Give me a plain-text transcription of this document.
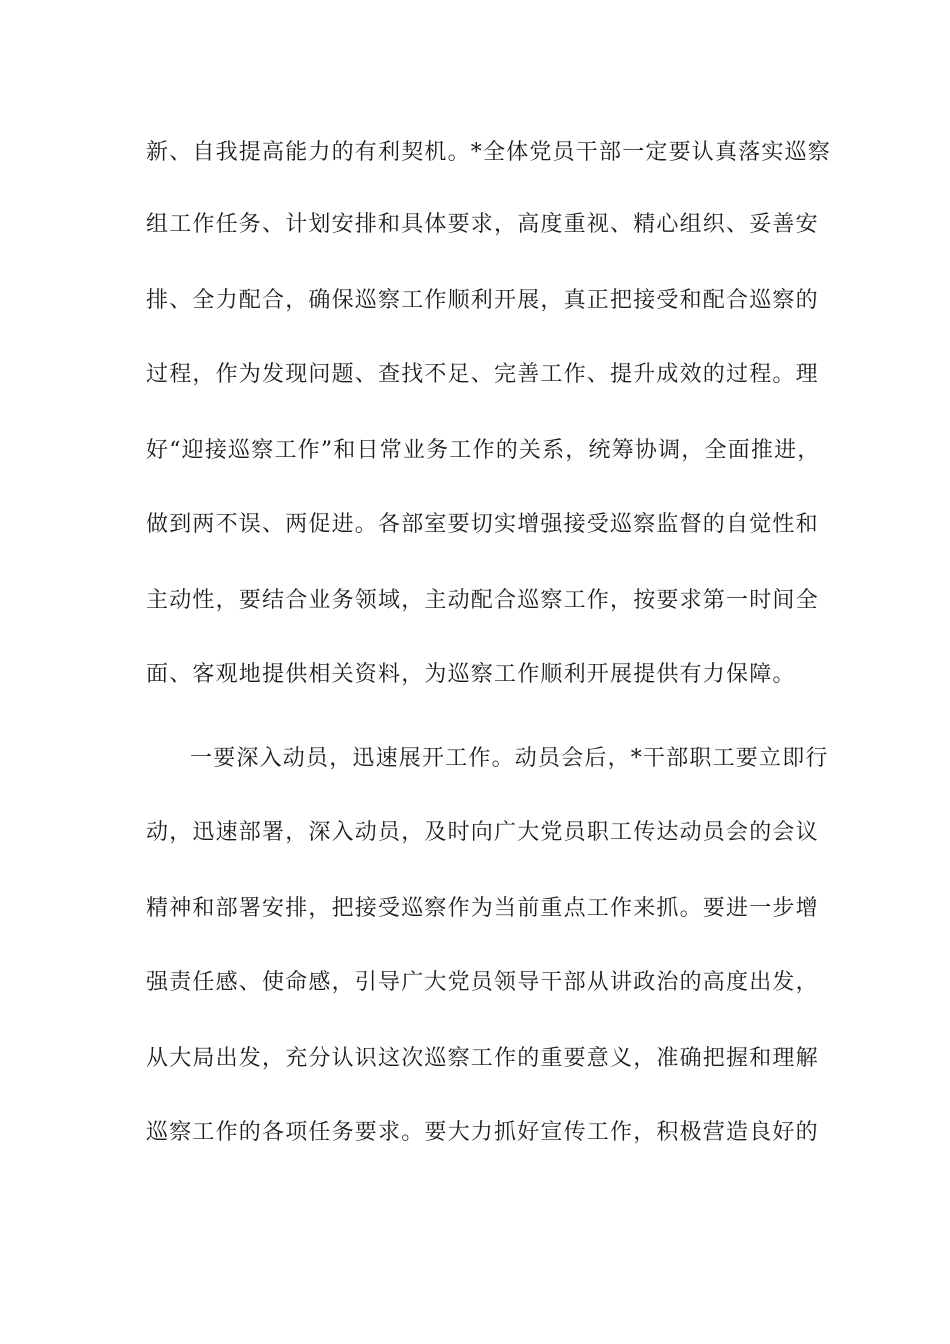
新、自我提高能力的有利契机。*全体党员干部一定要认真落实巡察
组工作任务、计划安排和具体要求，高度重视、精心组织、妥善安
排、全力配合，确保巡察工作顺利开展，真正把接受和配合巡察的
过程，作为发现问题、查找不足、完善工作、提升成效的过程。理
好“迎接巡察工作”和日常业务工作的关系，统筹协调，全面推进，
做到两不误、两促进。各部室要切实增强接受巡察监督的自觉性和
主动性，要结合业务领域，主动配合巡察工作，按要求第一时间全
面、客观地提供相关资料，为巡察工作顺利开展提供有力保障。
一要深入动员，迅速展开工作。动员会后，*干部职工要立即行
动，迅速部署，深入动员，及时向广大党员职工传达动员会的会议
精神和部署安排，把接受巡察作为当前重点工作来抓。要进一步增
强责任感、使命感，引导广大党员领导干部从讲政治的高度出发，
从大局出发，充分认识这次巡察工作的重要意义，准确把握和理解
巡察工作的各项任务要求。要大力抓好宣传工作，积极营造良好的
